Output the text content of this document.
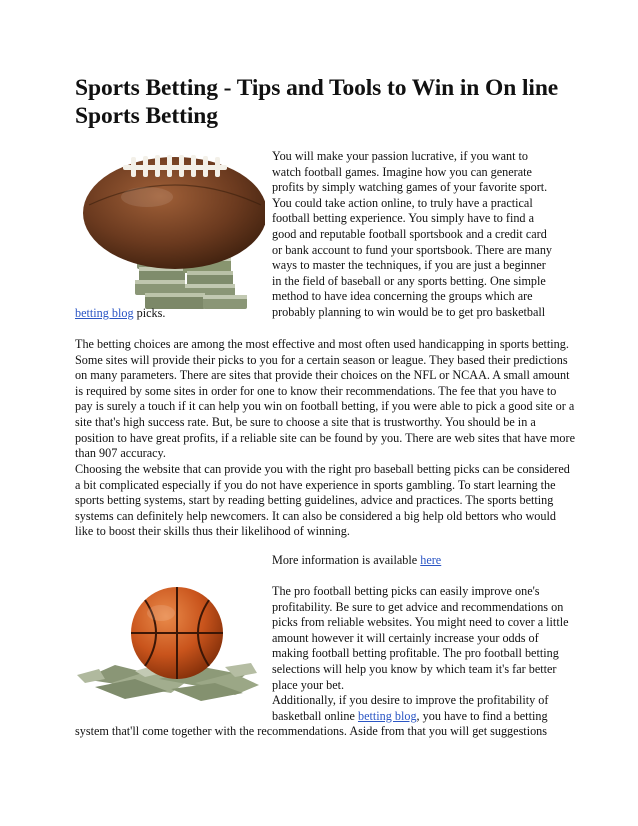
Sports Betting - Tips and Tools to Win in On line Sports Betting
You will make your passion lucrative, if you want to
watch football games. Imagine how you can generate
profits by simply watching games of your favorite sport.
You could take action online, to truly have a practical
football betting experience. You simply have to find a
good and reputable football sportsbook and a credit card
or bank account to fund your sportsbook. There are many
ways to master the techniques, if you are just a beginner
in the field of baseball or any sports betting. One simple
method to have idea concerning the groups which are
probably planning to win would be to get pro basketball

betting blog picks.

The betting choices are among the most effective and most often used handicapping in sports betting. Some sites will provide their picks to you for a certain season or league. They based their predictions on many parameters. There are sites that provide their choices on the NFL or NCAA. A small amount is required by some sites in order for one to know their recommendations. The fee that you have to pay is surely a touch if it can help you win on football betting, if you were able to pick a good site or a site that's high success rate. But, be sure to choose a site that is trustworthy. You should be in a position to have great profits, if a reliable site can be found by you. There are web sites that have more than 907 accuracy.

Choosing the website that can provide you with the right pro baseball betting picks can be considered a bit complicated especially if you do not have experience in sports gambling. To start learning the sports betting systems, start by reading betting guidelines, advice and practices. The sports betting systems can definitely help newcomers. It can also be considered a big help old bettors who would like to boost their skills thus their likelihood of winning.

More information is available here

The pro football betting picks can easily improve one's profitability. Be sure to get advice and recommendations on picks from reliable websites. You might need to cover a little amount however it will certainly increase your odds of making football betting profitable. The pro football betting selections will help you know by which team it's far better place your bet.

Additionally, if you desire to improve the profitability of basketball online betting blog, you have to find a betting

system that'll come together with the recommendations. Aside from that you will get suggestions
